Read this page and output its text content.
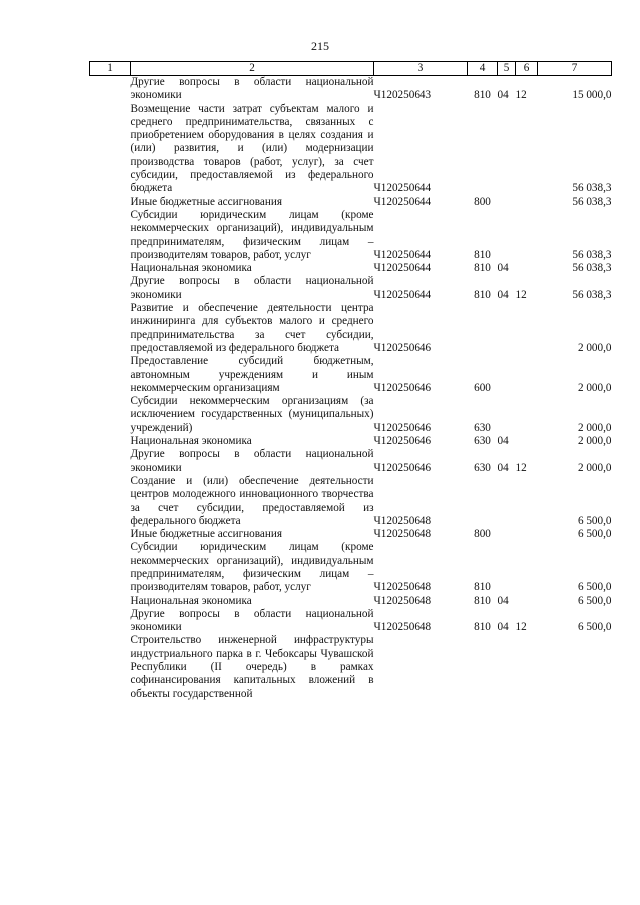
215
1	2	3	4	5	6	7
	Другие вопросы в области национальной экономики	Ч120250643	810	04	12	15 000,0
	Возмещение части затрат субъектам малого и среднего предпринимательства, связанных с приобретением оборудования в целях создания и (или) развития, и (или) модернизации производства товаров (работ, услуг), за счет субсидии, предоставляемой из федерального бюджета	Ч120250644				56 038,3
	Иные бюджетные ассигнования	Ч120250644	800			56 038,3
	Субсидии юридическим лицам (кроме некоммерческих организаций), индивидуальным предпринимателям, физическим лицам – производителям товаров, работ, услуг	Ч120250644	810			56 038,3
	Национальная экономика	Ч120250644	810	04		56 038,3
	Другие вопросы в области национальной экономики	Ч120250644	810	04	12	56 038,3
	Развитие и обеспечение деятельности центра инжиниринга для субъектов малого и среднего предпринимательства за счет субсидии, предоставляемой из федерального бюджета	Ч120250646				2 000,0
	Предоставление субсидий бюджетным, автономным учреждениям и иным некоммерческим организациям	Ч120250646	600			2 000,0
	Субсидии некоммерческим организациям (за исключением государственных (муниципальных) учреждений)	Ч120250646	630			2 000,0
	Национальная экономика	Ч120250646	630	04		2 000,0
	Другие вопросы в области национальной экономики	Ч120250646	630	04	12	2 000,0
	Создание и (или) обеспечение деятельности центров молодежного инновационного творчества за счет субсидии, предоставляемой из федерального бюджета	Ч120250648				6 500,0
	Иные бюджетные ассигнования	Ч120250648	800			6 500,0
	Субсидии юридическим лицам (кроме некоммерческих организаций), индивидуальным предпринимателям, физическим лицам – производителям товаров, работ, услуг	Ч120250648	810			6 500,0
	Национальная экономика	Ч120250648	810	04		6 500,0
	Другие вопросы в области национальной экономики	Ч120250648	810	04	12	6 500,0
	Строительство инженерной инфраструктуры индустриального парка в г. Чебоксары Чувашской Республики (II очередь) в рамках софинансирования капитальных вложений в объекты государственной					
